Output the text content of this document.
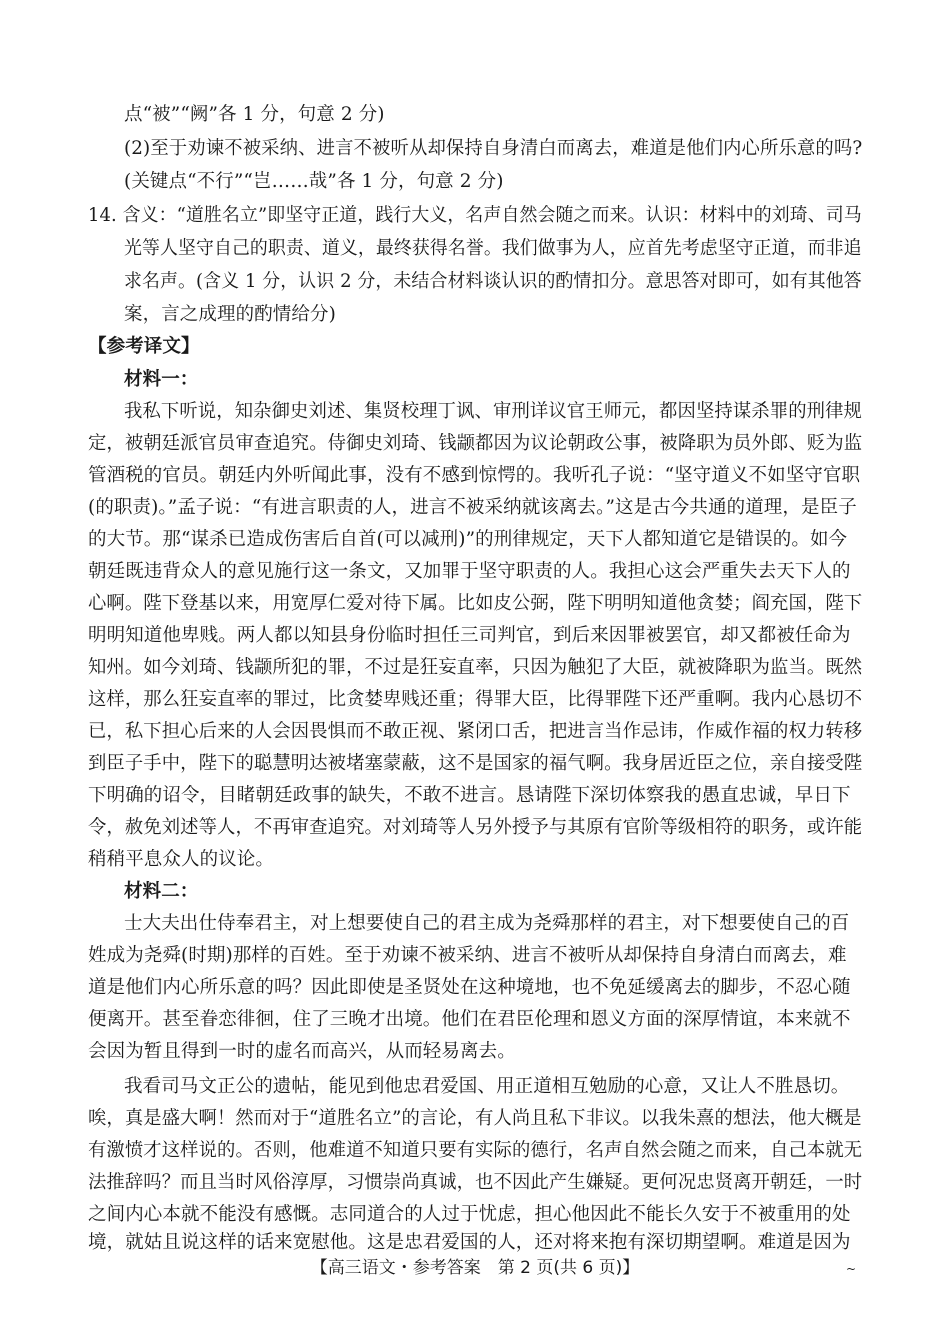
点“被”“阙”各 1 分，句意 2 分)
(2)至于劝谏不被采纳、进言不被听从却保持自身清白而离去，难道是他们内心所乐意的吗?
(关键点“不行”“岂……哉”各 1 分，句意 2 分)
14. 含义：“道胜名立”即坚守正道，践行大义，名声自然会随之而来。认识：材料中的刘琦、司马
光等人坚守自己的职责、道义，最终获得名誉。我们做事为人，应首先考虑坚守正道，而非追
求名声。(含义 1 分，认识 2 分，未结合材料谈认识的酌情扣分。意思答对即可，如有其他答
案，言之成理的酌情给分)
【参考译文】
材料一：
我私下听说，知杂御史刘述、集贤校理丁讽、审刑详议官王师元，都因坚持谋杀罪的刑律规
定，被朝廷派官员审查追究。侍御史刘琦、钱颛都因为议论朝政公事，被降职为员外郎、贬为监
管酒税的官员。朝廷内外听闻此事，没有不感到惊愕的。我听孔子说：“坚守道义不如坚守官职
(的职责)。”孟子说：“有进言职责的人，进言不被采纳就该离去。”这是古今共通的道理，是臣子
的大节。那“谋杀已造成伤害后自首(可以减刑)”的刑律规定，天下人都知道它是错误的。如今
朝廷既违背众人的意见施行这一条文，又加罪于坚守职责的人。我担心这会严重失去天下人的
心啊。陛下登基以来，用宽厚仁爱对待下属。比如皮公弼，陛下明明知道他贪婪；阎充国，陛下
明明知道他卑贱。两人都以知县身份临时担任三司判官，到后来因罪被罢官，却又都被任命为
知州。如今刘琦、钱颛所犯的罪，不过是狂妄直率，只因为触犯了大臣，就被降职为监当。既然
这样，那么狂妄直率的罪过，比贪婪卑贱还重；得罪大臣，比得罪陛下还严重啊。我内心恳切不
已，私下担心后来的人会因畏惧而不敢正视、紧闭口舌，把进言当作忌讳，作威作福的权力转移
到臣子手中，陛下的聪慧明达被堵塞蒙蔽，这不是国家的福气啊。我身居近臣之位，亲自接受陛
下明确的诏令，目睹朝廷政事的缺失，不敢不进言。恳请陛下深切体察我的愚直忠诚，早日下
令，赦免刘述等人，不再审查追究。对刘琦等人另外授予与其原有官阶等级相符的职务，或许能
稍稍平息众人的议论。
材料二：
士大夫出仕侍奉君主，对上想要使自己的君主成为尧舜那样的君主，对下想要使自己的百
姓成为尧舜(时期)那样的百姓。至于劝谏不被采纳、进言不被听从却保持自身清白而离去，难
道是他们内心所乐意的吗？因此即使是圣贤处在这种境地，也不免延缓离去的脚步，不忍心随
便离开。甚至眷恋徘徊，住了三晚才出境。他们在君臣伦理和恩义方面的深厚情谊，本来就不
会因为暂且得到一时的虚名而高兴，从而轻易离去。
我看司马文正公的遗帖，能见到他忠君爱国、用正道相互勉励的心意，又让人不胜恳切。
唉，真是盛大啊！然而对于“道胜名立”的言论，有人尚且私下非议。以我朱熹的想法，他大概是
有激愤才这样说的。否则，他难道不知道只要有实际的德行，名声自然会随之而来，自己本就无
法推辞吗？而且当时风俗淳厚，习惯崇尚真诚，也不因此产生嫌疑。更何况忠贤离开朝廷，一时
之间内心本就不能没有感慨。志同道合的人过于忧虑，担心他因此不能长久安于不被重用的处
境，就姑且说这样的话来宽慰他。这是忠君爱国的人，还对将来抱有深切期望啊。难道是因为
【高三语文・参考答案　第 2 页(共 6 页)】	~
